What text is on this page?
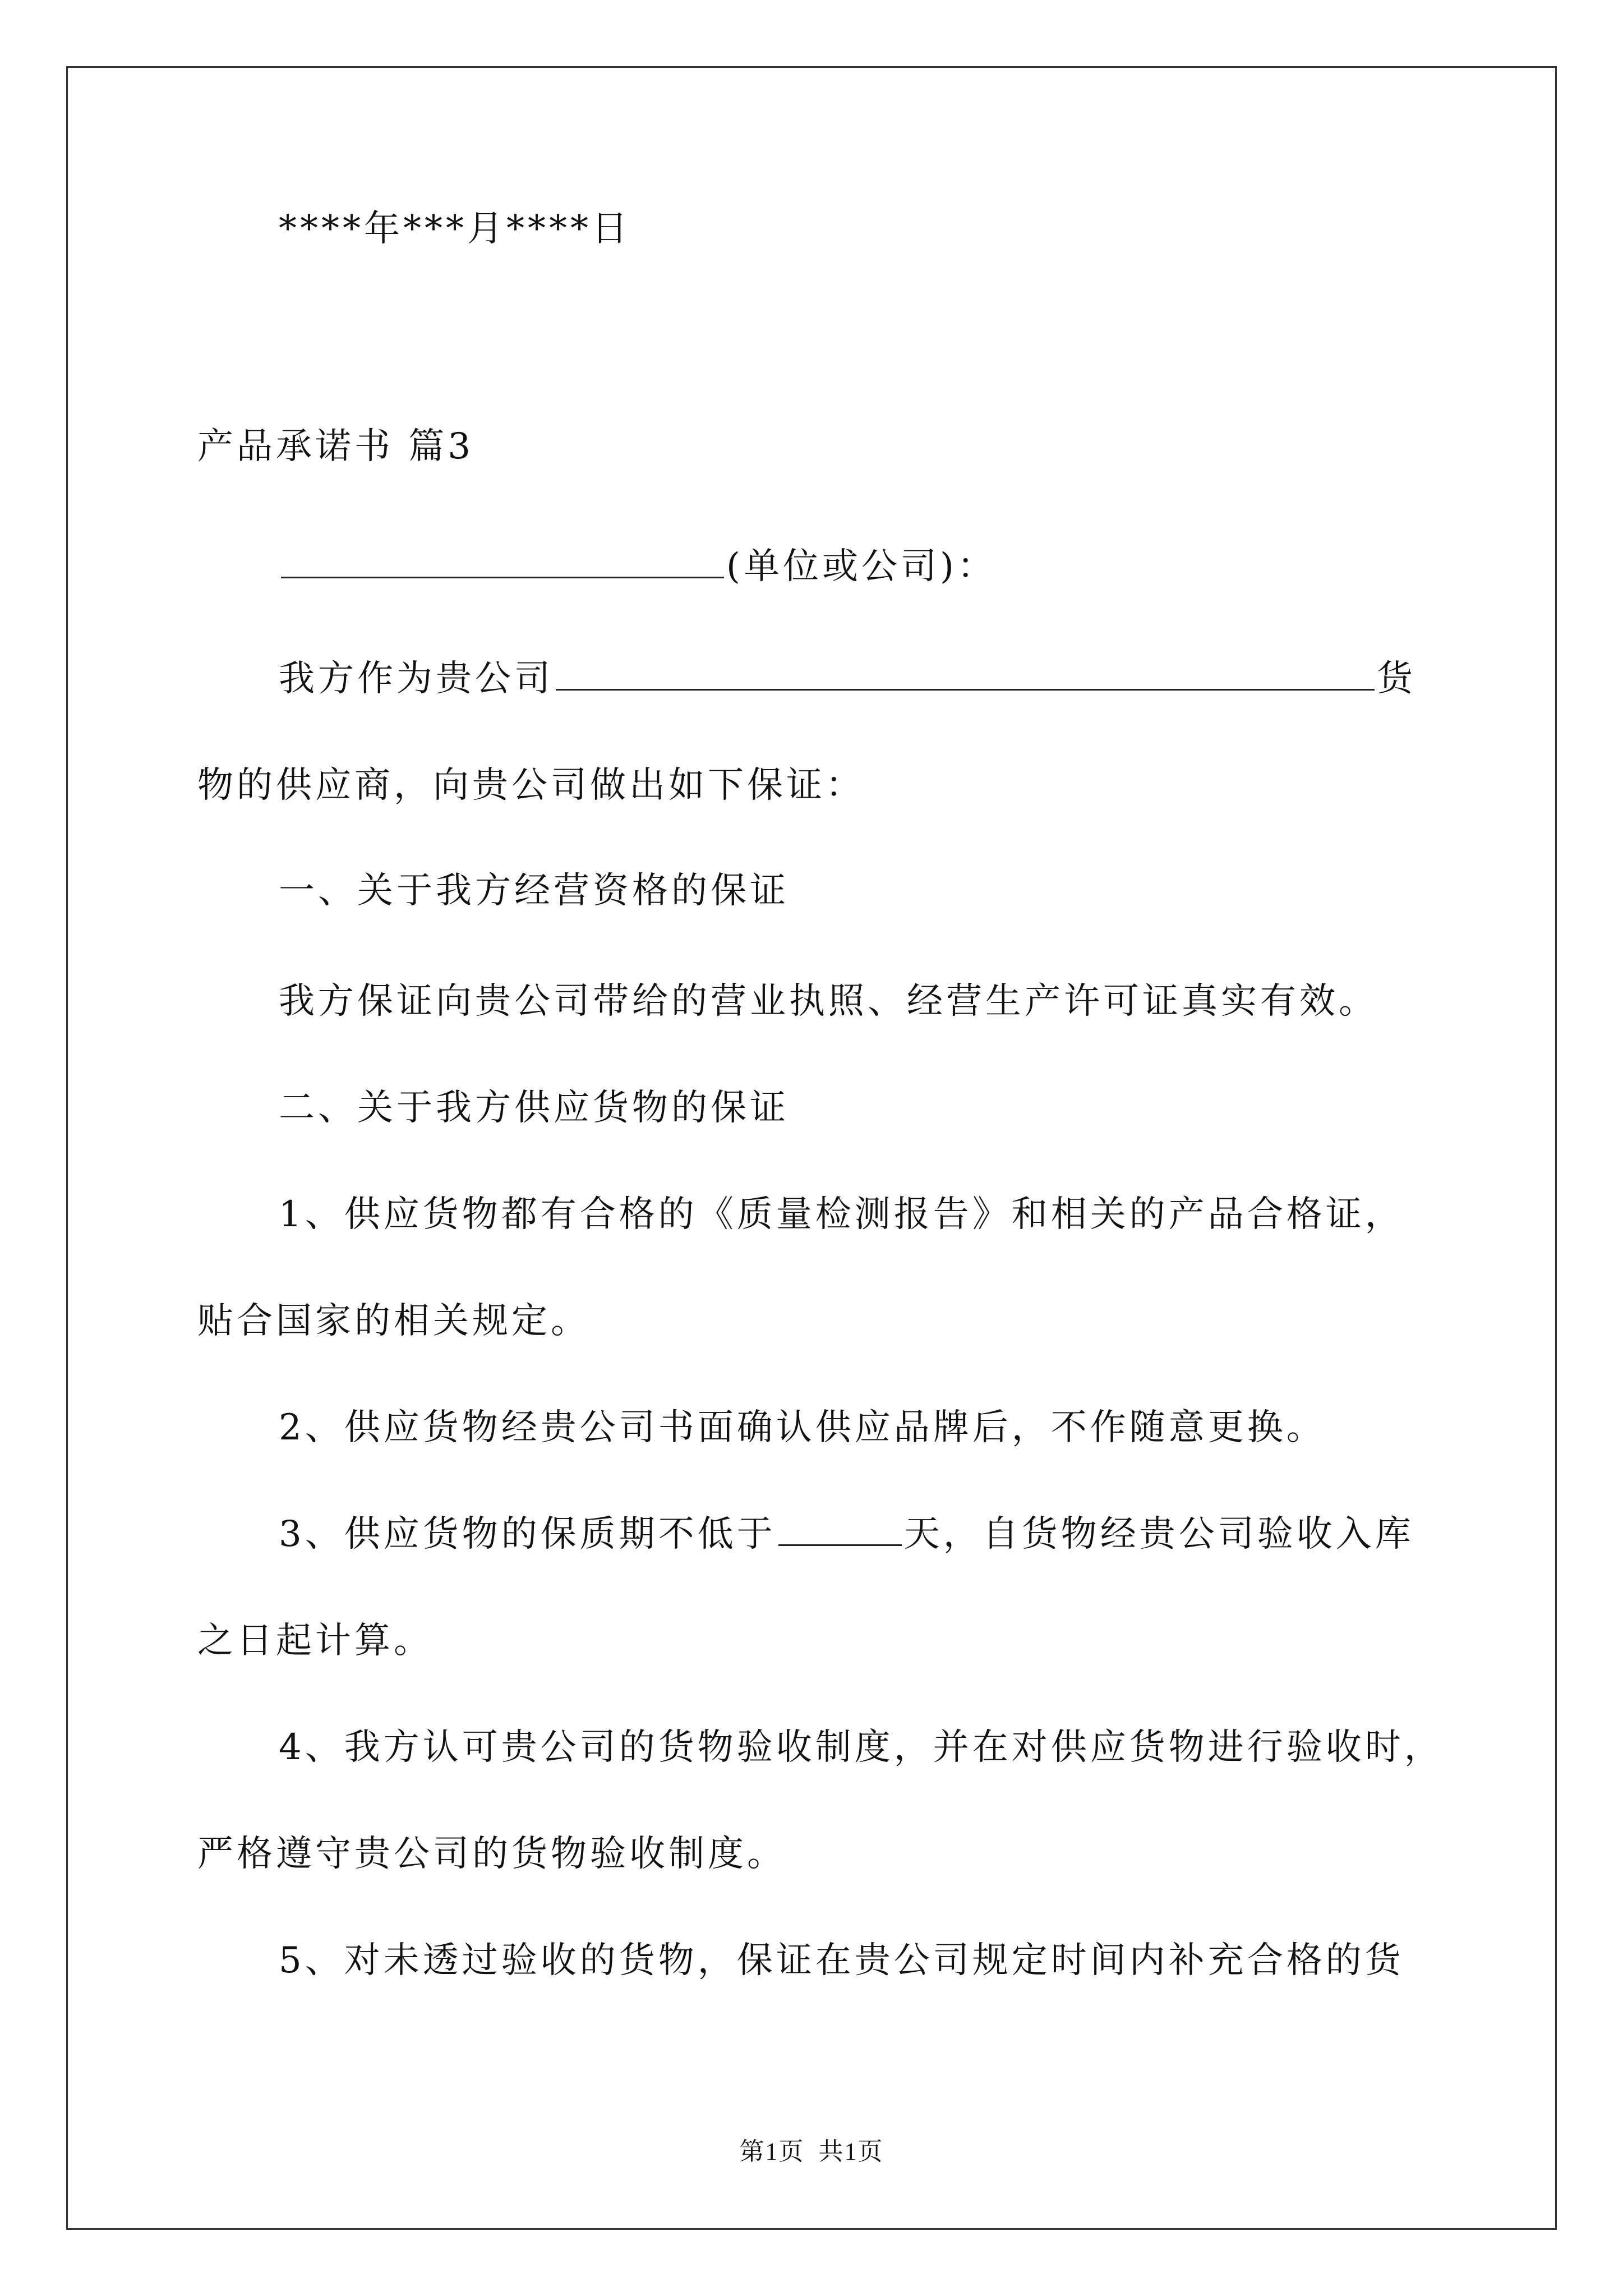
****年***月****日
产品承诺书 篇3
(单位或公司)：
我方作为贵公司	货
物的供应商，向贵公司做出如下保证：
一、关于我方经营资格的保证
我方保证向贵公司带给的营业执照、经营生产许可证真实有效。
二、关于我方供应货物的保证
1、供应货物都有合格的《质量检测报告》和相关的产品合格证，
贴合国家的相关规定。
2、供应货物经贵公司书面确认供应品牌后，不作随意更换。
3、供应货物的保质期不低于	天，自货物经贵公司验收入库
之日起计算。
4、我方认可贵公司的货物验收制度，并在对供应货物进行验收时，
严格遵守贵公司的货物验收制度。
5、对未透过验收的货物，保证在贵公司规定时间内补充合格的货
第1页 共1页
